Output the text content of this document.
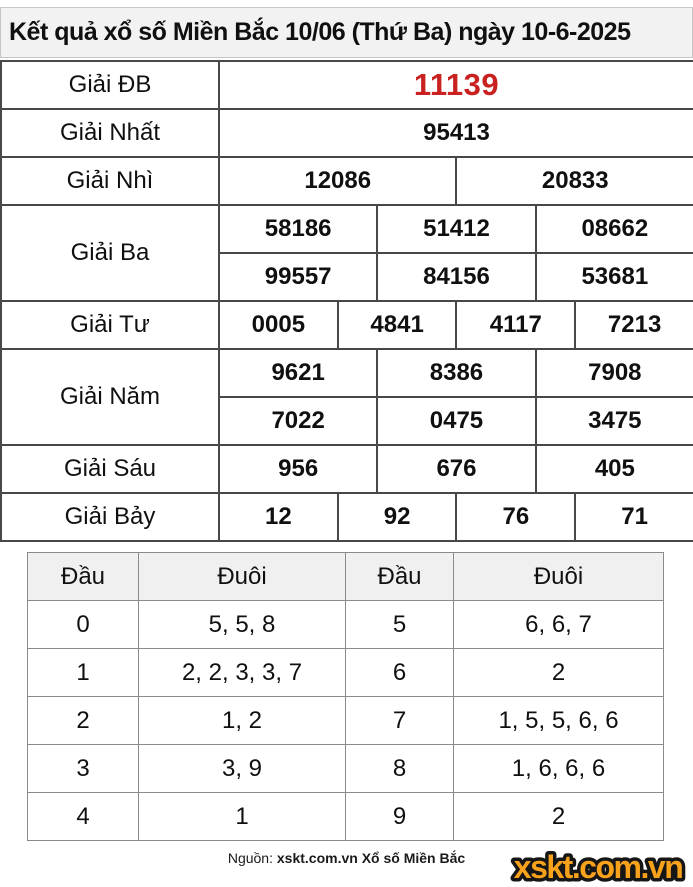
Kết quả xổ số Miền Bắc 10/06 (Thứ Ba) ngày 10-6-2025
Giải ĐB	11139					
Giải Nhất	95413					
Giải Nhì	12086			20833		
Giải Ba	58186		51412		08662	
	99557		84156		53681	
Giải Tư	0005	4841		4117		7213
Giải Năm	9621		8386		7908	
	7022		0475		3475	
Giải Sáu	956		676		405	
Giải Bảy	12	92		76		71
Đầu	Đuôi	Đầu	Đuôi
0	5, 5, 8	5	6, 6, 7
1	2, 2, 3, 3, 7	6	2
2	1, 2	7	1, 5, 5, 6, 6
3	3, 9	8	1, 6, 6, 6
4	1	9	2
Nguồn: xskt.com.vn Xổ số Miền Bắc	xskt.com.vn
